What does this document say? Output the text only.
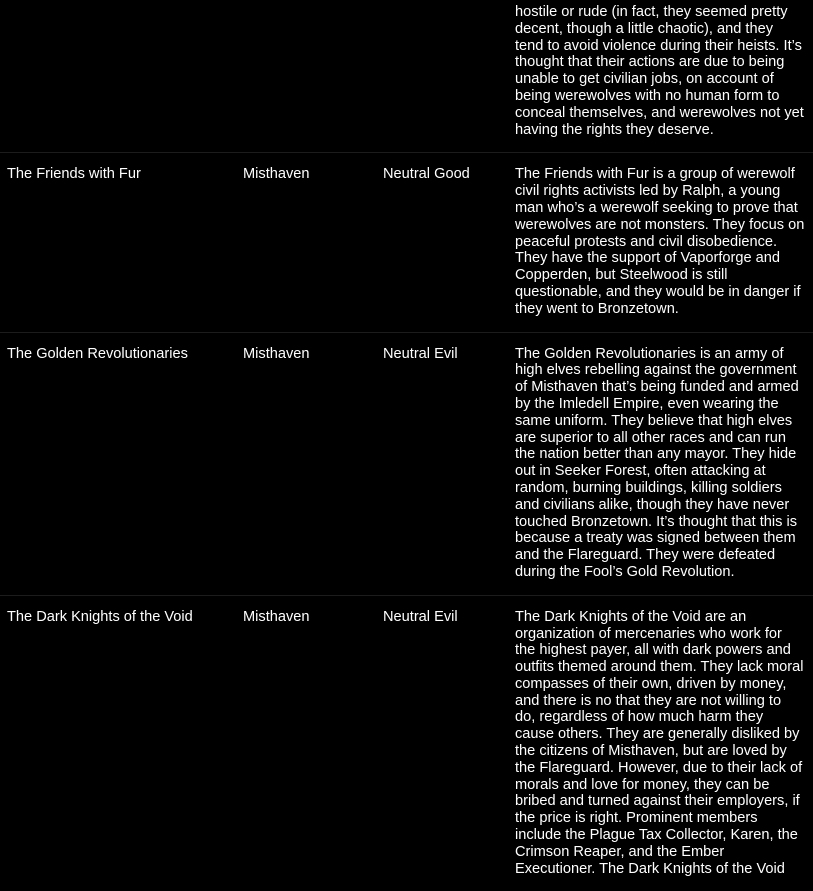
hostile or rude (in fact, they seemed pretty
decent, though a little chaotic), and they
tend to avoid violence during their heists. It’s
thought that their actions are due to being
unable to get civilian jobs, on account of
being werewolves with no human form to
conceal themselves, and werewolves not yet
having the rights they deserve.
The Friends with Fur	Misthaven	Neutral Good	The Friends with Fur is a group of werewolf
civil rights activists led by Ralph, a young
man who’s a werewolf seeking to prove that
werewolves are not monsters. They focus on
peaceful protests and civil disobedience.
They have the support of Vaporforge and
Copperden, but Steelwood is still
questionable, and they would be in danger if
they went to Bronzetown.
The Golden Revolutionaries	Misthaven	Neutral Evil	The Golden Revolutionaries is an army of
high elves rebelling against the government
of Misthaven that’s being funded and armed
by the Imledell Empire, even wearing the
same uniform. They believe that high elves
are superior to all other races and can run
the nation better than any mayor. They hide
out in Seeker Forest, often attacking at
random, burning buildings, killing soldiers
and civilians alike, though they have never
touched Bronzetown. It’s thought that this is
because a treaty was signed between them
and the Flareguard. They were defeated
during the Fool’s Gold Revolution.
The Dark Knights of the Void	Misthaven	Neutral Evil	The Dark Knights of the Void are an
organization of mercenaries who work for
the highest payer, all with dark powers and
outfits themed around them. They lack moral
compasses of their own, driven by money,
and there is no that they are not willing to
do, regardless of how much harm they
cause others. They are generally disliked by
the citizens of Misthaven, but are loved by
the Flareguard. However, due to their lack of
morals and love for money, they can be
bribed and turned against their employers, if
the price is right. Prominent members
include the Plague Tax Collector, Karen, the
Crimson Reaper, and the Ember
Executioner. The Dark Knights of the Void
